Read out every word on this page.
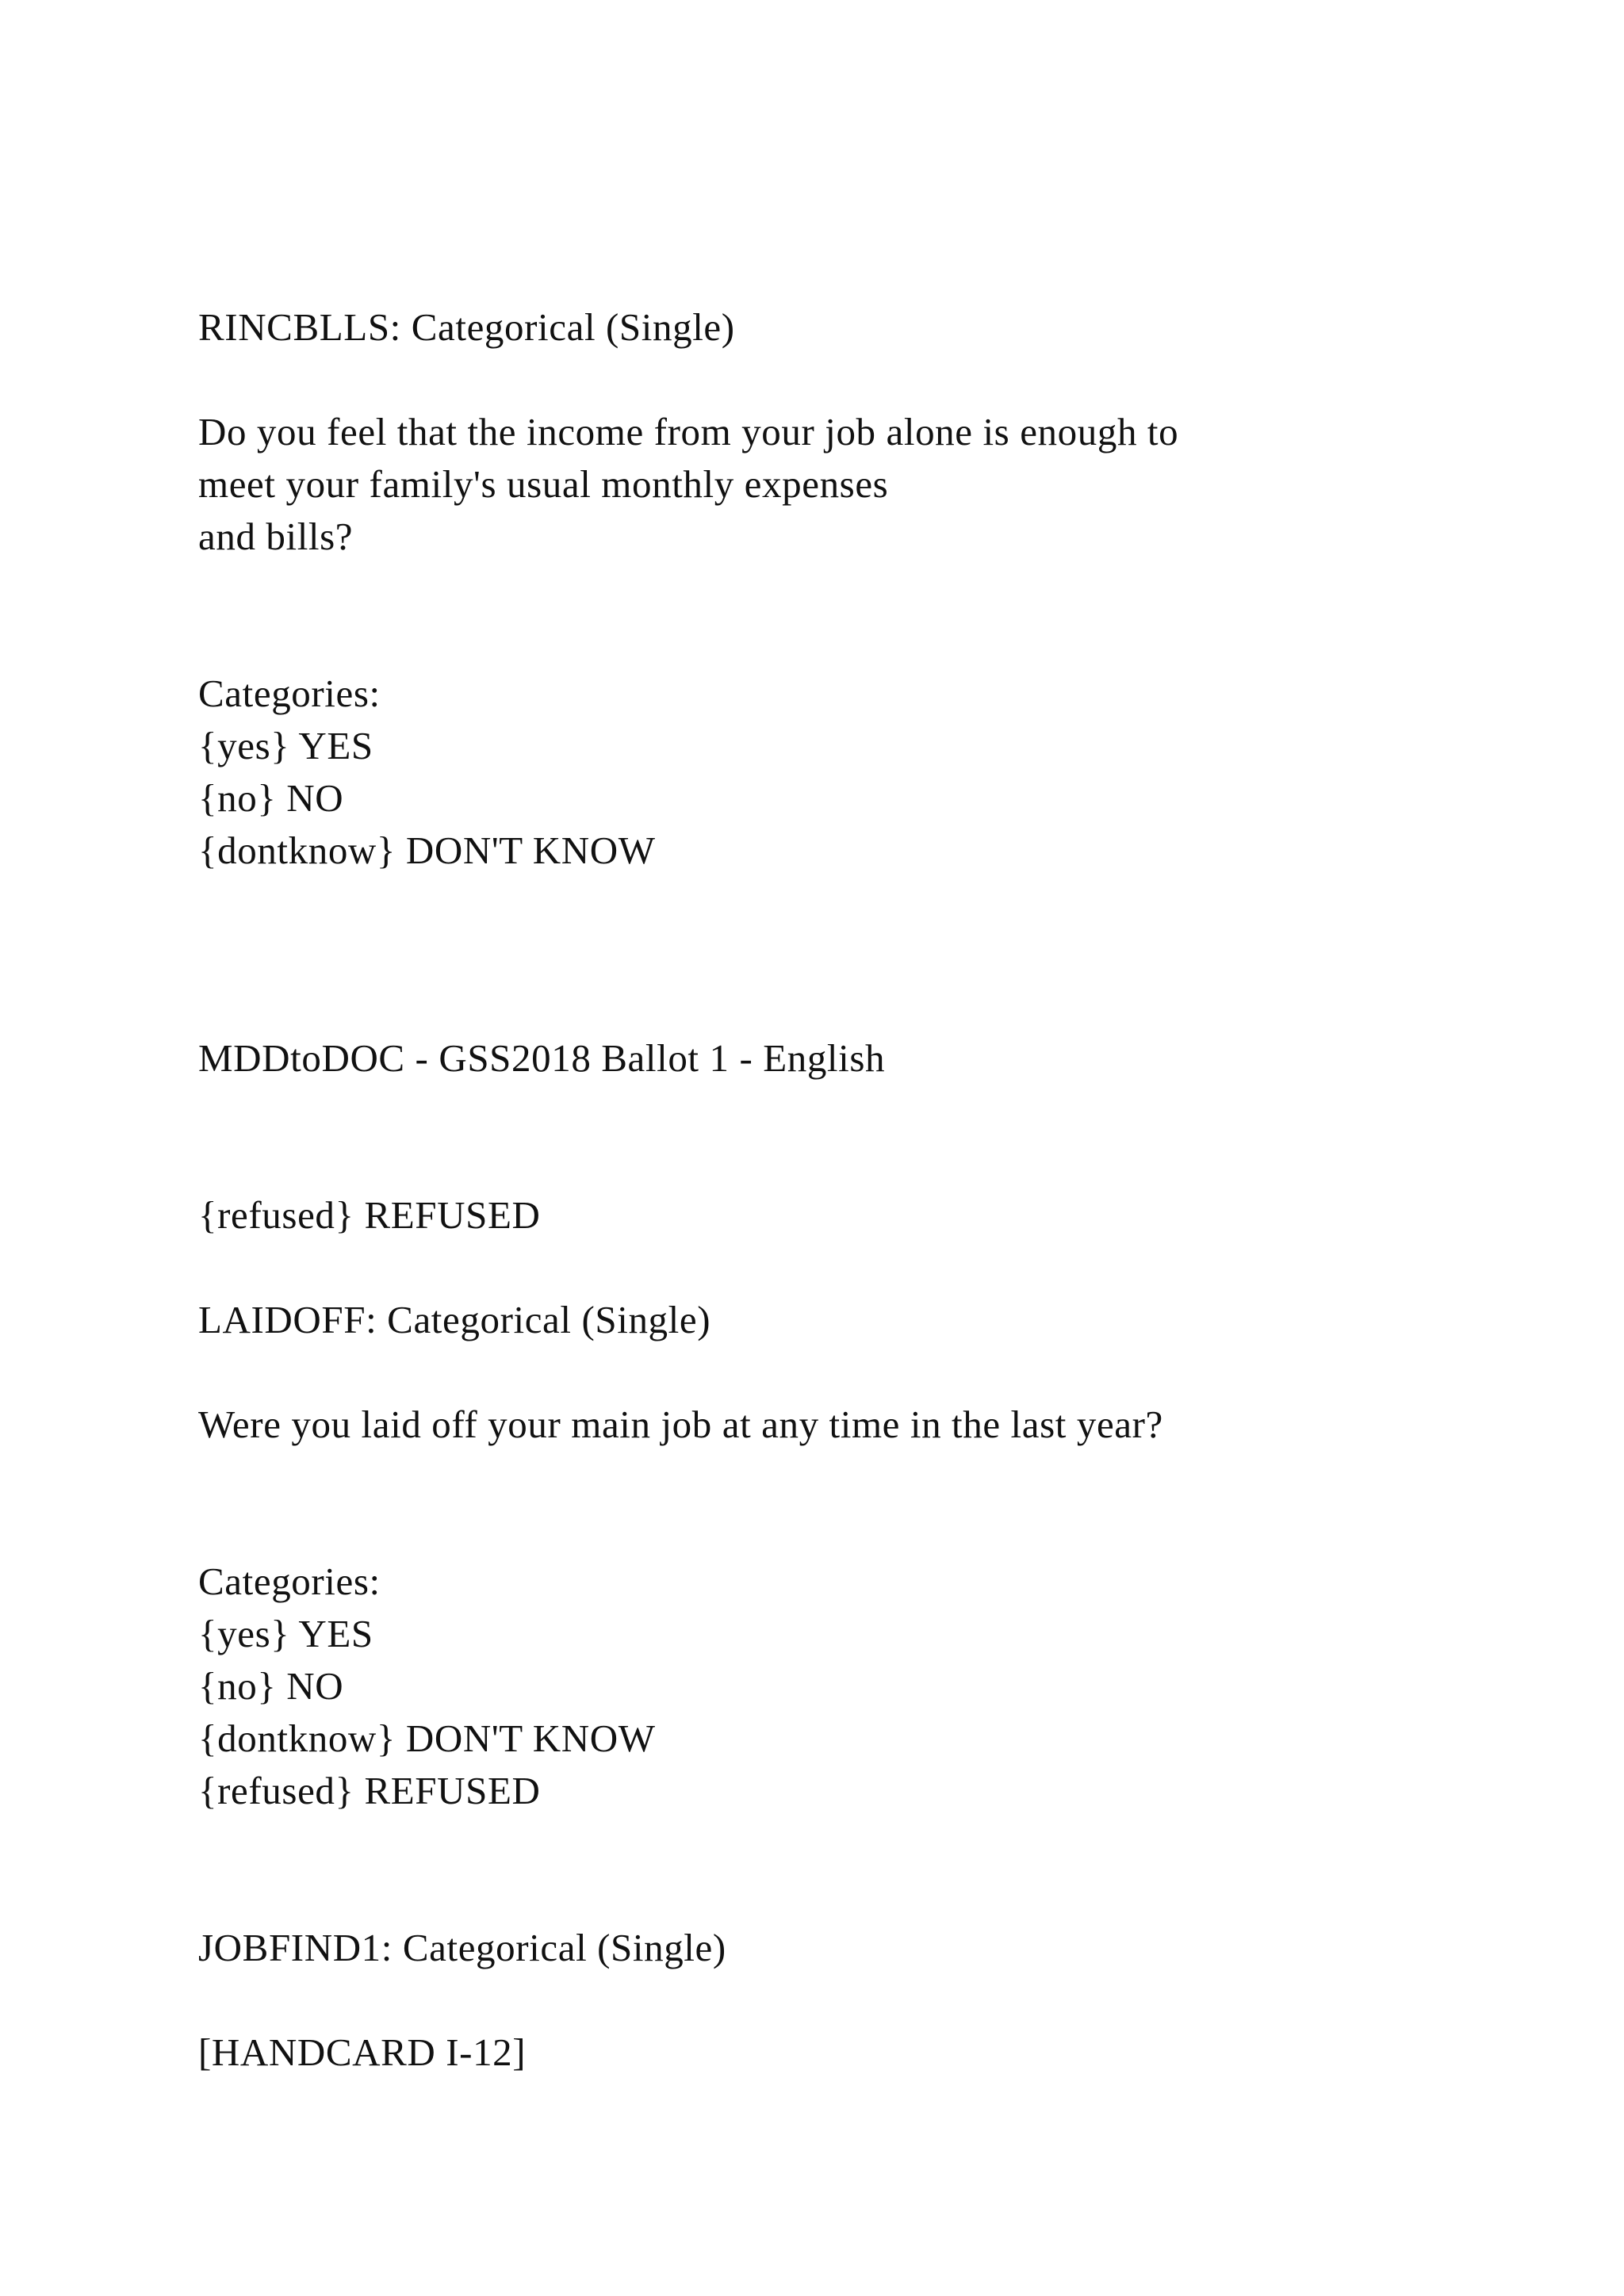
RINCBLLS: Categorical (Single)
Do you feel that the income from your job alone is enough to
meet your family's usual monthly expenses
and bills?
Categories:
{yes} YES
{no} NO
{dontknow} DON'T KNOW
MDDtoDOC - GSS2018 Ballot 1 - English
{refused} REFUSED
LAIDOFF: Categorical (Single)
Were you laid off your main job at any time in the last year?
Categories:
{yes} YES
{no} NO
{dontknow} DON'T KNOW
{refused} REFUSED
JOBFIND1: Categorical (Single)
[HANDCARD I-12]
